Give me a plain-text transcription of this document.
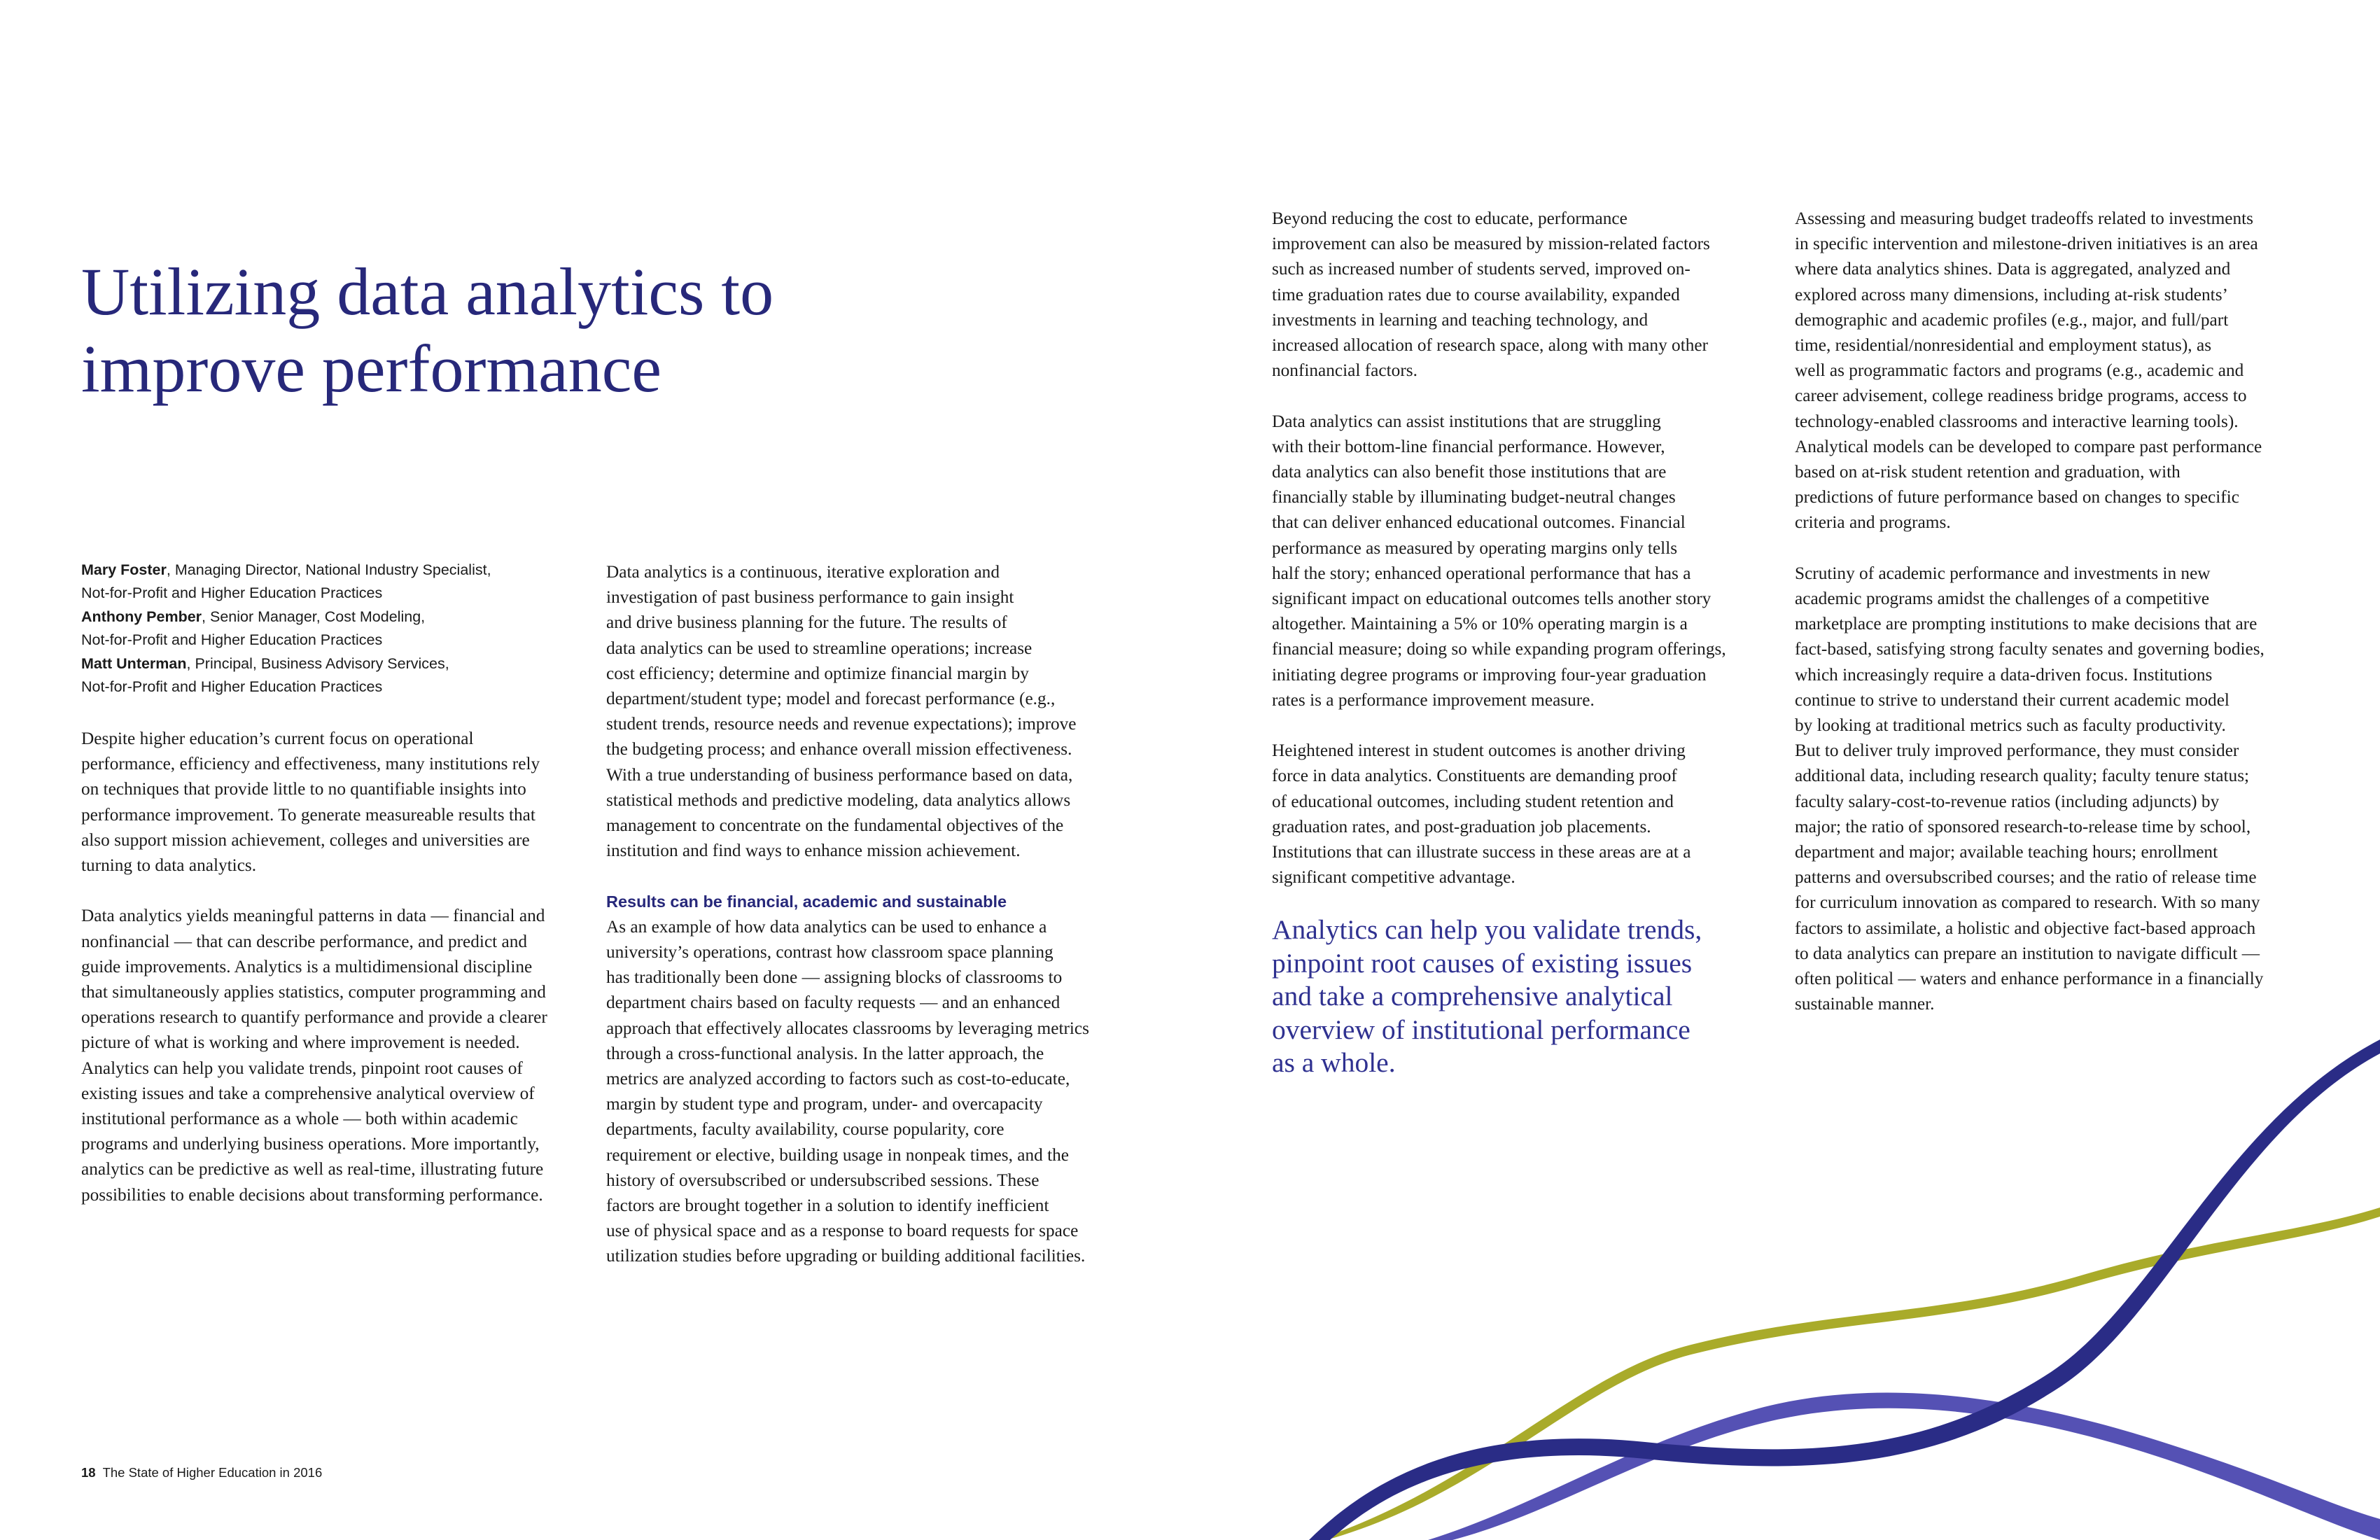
Utilizing data analytics to
improve performance
Mary Foster, Managing Director, National Industry Specialist,
Not-for-Profit and Higher Education Practices
Anthony Pember, Senior Manager, Cost Modeling,
Not-for-Profit and Higher Education Practices
Matt Unterman, Principal, Business Advisory Services,
Not-for-Profit and Higher Education Practices
Despite higher education’s current focus on operational
performance, efficiency and effectiveness, many institutions rely
on techniques that provide little to no quantifiable insights into
performance improvement. To generate measureable results that
also support mission achievement, colleges and universities are
turning to data analytics.
Data analytics yields meaningful patterns in data — financial and
nonfinancial — that can describe performance, and predict and
guide improvements. Analytics is a multidimensional discipline
that simultaneously applies statistics, computer programming and
operations research to quantify performance and provide a clearer
picture of what is working and where improvement is needed.
Analytics can help you validate trends, pinpoint root causes of
existing issues and take a comprehensive analytical overview of
institutional performance as a whole — both within academic
programs and underlying business operations. More importantly,
analytics can be predictive as well as real-time, illustrating future
possibilities to enable decisions about transforming performance.
Data analytics is a continuous, iterative exploration and
investigation of past business performance to gain insight
and drive business planning for the future. The results of
data analytics can be used to streamline operations; increase
cost efficiency; determine and optimize financial margin by
department/student type; model and forecast performance (e.g.,
student trends, resource needs and revenue expectations); improve
the budgeting process; and enhance overall mission effectiveness.
With a true understanding of business performance based on data,
statistical methods and predictive modeling, data analytics allows
management to concentrate on the fundamental objectives of the
institution and find ways to enhance mission achievement.
Results can be financial, academic and sustainable
As an example of how data analytics can be used to enhance a
university’s operations, contrast how classroom space planning
has traditionally been done — assigning blocks of classrooms to
department chairs based on faculty requests — and an enhanced
approach that effectively allocates classrooms by leveraging metrics
through a cross-functional analysis. In the latter approach, the
metrics are analyzed according to factors such as cost-to-educate,
margin by student type and program, under- and overcapacity
departments, faculty availability, course popularity, core
requirement or elective, building usage in nonpeak times, and the
history of oversubscribed or undersubscribed sessions. These
factors are brought together in a solution to identify inefficient
use of physical space and as a response to board requests for space
utilization studies before upgrading or building additional facilities.
Beyond reducing the cost to educate, performance
improvement can also be measured by mission-related factors
such as increased number of students served, improved on-
time graduation rates due to course availability, expanded
investments in learning and teaching technology, and
increased allocation of research space, along with many other
nonfinancial factors.
Data analytics can assist institutions that are struggling
with their bottom-line financial performance. However,
data analytics can also benefit those institutions that are
financially stable by illuminating budget-neutral changes
that can deliver enhanced educational outcomes. Financial
performance as measured by operating margins only tells
half the story; enhanced operational performance that has a
significant impact on educational outcomes tells another story
altogether. Maintaining a 5% or 10% operating margin is a
financial measure; doing so while expanding program offerings,
initiating degree programs or improving four-year graduation
rates is a performance improvement measure.
Heightened interest in student outcomes is another driving
force in data analytics. Constituents are demanding proof
of educational outcomes, including student retention and
graduation rates, and post-graduation job placements.
Institutions that can illustrate success in these areas are at a
significant competitive advantage.
Analytics can help you validate trends,
pinpoint root causes of existing issues
and take a comprehensive analytical
overview of institutional performance
as a whole.
Assessing and measuring budget tradeoffs related to investments
in specific intervention and milestone-driven initiatives is an area
where data analytics shines. Data is aggregated, analyzed and
explored across many dimensions, including at-risk students’
demographic and academic profiles (e.g., major, and full/part
time, residential/nonresidential and employment status), as
well as programmatic factors and programs (e.g., academic and
career advisement, college readiness bridge programs, access to
technology-enabled classrooms and interactive learning tools).
Analytical models can be developed to compare past performance
based on at-risk student retention and graduation, with
predictions of future performance based on changes to specific
criteria and programs.
Scrutiny of academic performance and investments in new
academic programs amidst the challenges of a competitive
marketplace are prompting institutions to make decisions that are
fact-based, satisfying strong faculty senates and governing bodies,
which increasingly require a data-driven focus. Institutions
continue to strive to understand their current academic model
by looking at traditional metrics such as faculty productivity.
But to deliver truly improved performance, they must consider
additional data, including research quality; faculty tenure status;
faculty salary-cost-to-revenue ratios (including adjuncts) by
major; the ratio of sponsored research-to-release time by school,
department and major; available teaching hours; enrollment
patterns and oversubscribed courses; and the ratio of release time
for curriculum innovation as compared to research. With so many
factors to assimilate, a holistic and objective fact-based approach
to data analytics can prepare an institution to navigate difficult —
often political — waters and enhance performance in a financially
sustainable manner.
18 The State of Higher Education in 2016
